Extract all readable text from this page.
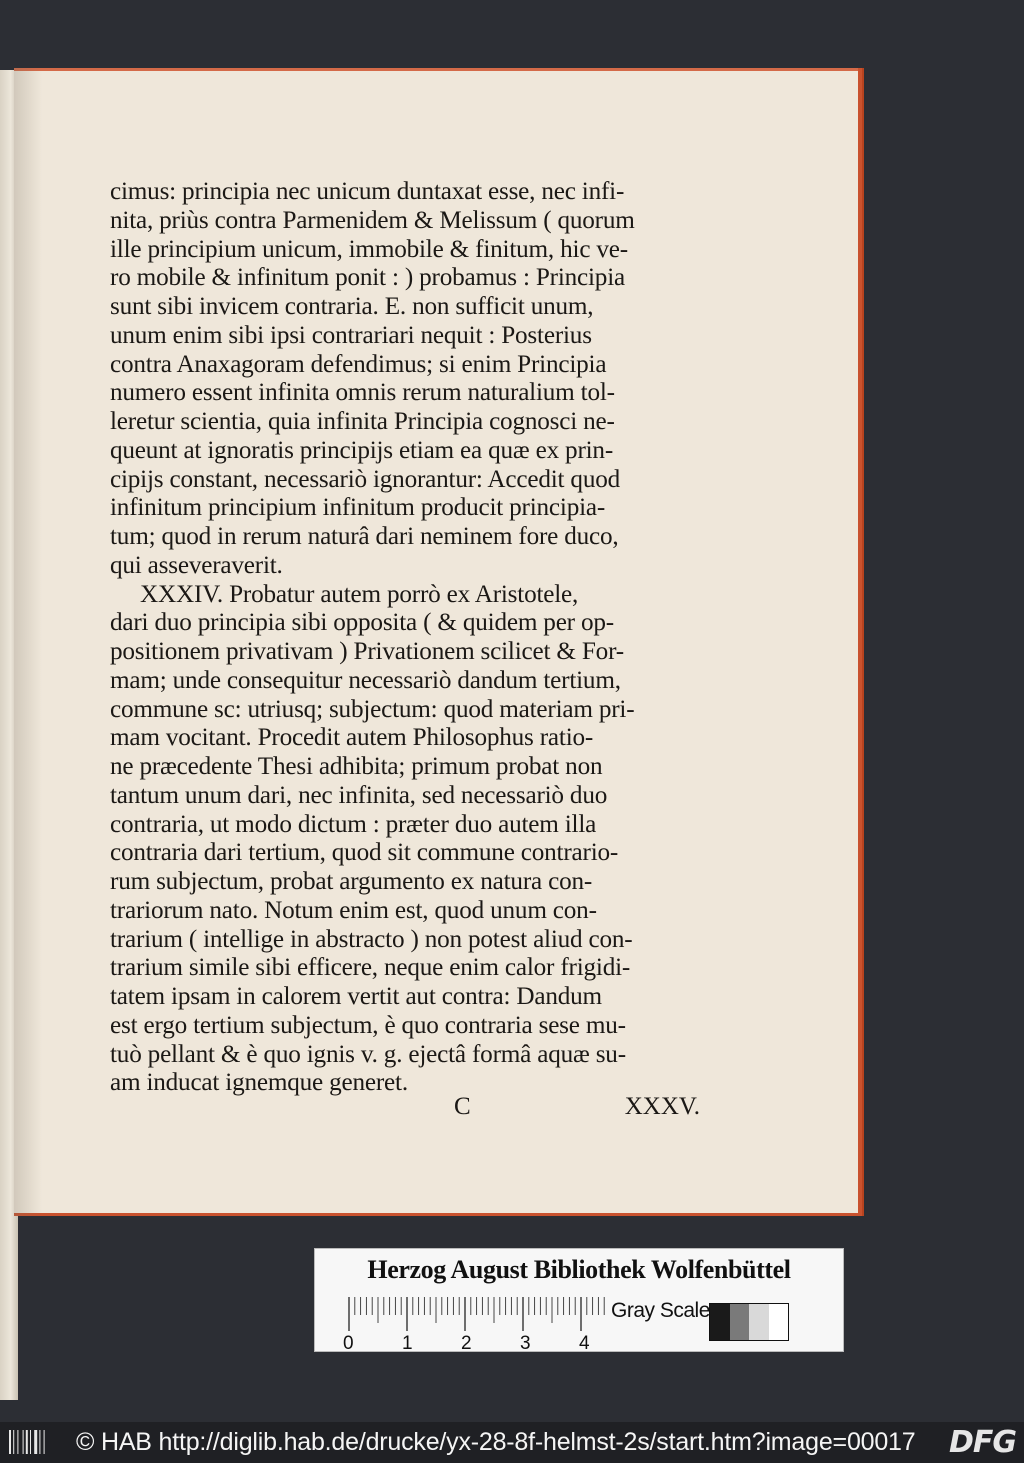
cimus: principia nec unicum duntaxat esse, nec infi-
nita, priùs contra Parmenidem & Melissum ( quorum
ille principium unicum, immobile & finitum, hic ve-
ro mobile & infinitum ponit : ) probamus : Principia
sunt sibi invicem contraria. E. non sufficit unum,
unum enim sibi ipsi contrariari nequit : Posterius
contra Anaxagoram defendimus; si enim Principia
numero essent infinita omnis rerum naturalium tol-
leretur scientia, quia infinita Principia cognosci ne-
queunt at ignoratis principijs etiam ea quæ ex prin-
cipijs constant, necessariò ignorantur: Accedit quod
infinitum principium infinitum producit principia-
tum; quod in rerum naturâ dari neminem fore duco,
qui asseveraverit.
XXXIV. Probatur autem porrò ex Aristotele,
dari duo principia sibi opposita ( & quidem per op-
positionem privativam ) Privationem scilicet & For-
mam; unde consequitur necessariò dandum tertium,
commune sc: utriusq; subjectum: quod materiam pri-
mam vocitant. Procedit autem Philosophus ratio-
ne præcedente Thesi adhibita; primum probat non
tantum unum dari, nec infinita, sed necessariò duo
contraria, ut modo dictum : præter duo autem illa
contraria dari tertium, quod sit commune contrario-
rum subjectum, probat argumento ex natura con-
trariorum nato. Notum enim est, quod unum con-
trarium ( intellige in abstracto ) non potest aliud con-
trarium simile sibi efficere, neque enim calor frigidi-
tatem ipsam in calorem vertit aut contra: Dandum
est ergo tertium subjectum, è quo contraria sese mu-
tuò pellant & è quo ignis v. g. ejectâ formâ aquæ su-
am inducat ignemque generet.
C	XXXV.
Herzog August Bibliothek Wolfenbüttel
0	1	2	3	4
Gray Scale
© HAB http://diglib.hab.de/drucke/yx-28-8f-helmst-2s/start.htm?image=00017 DFG
